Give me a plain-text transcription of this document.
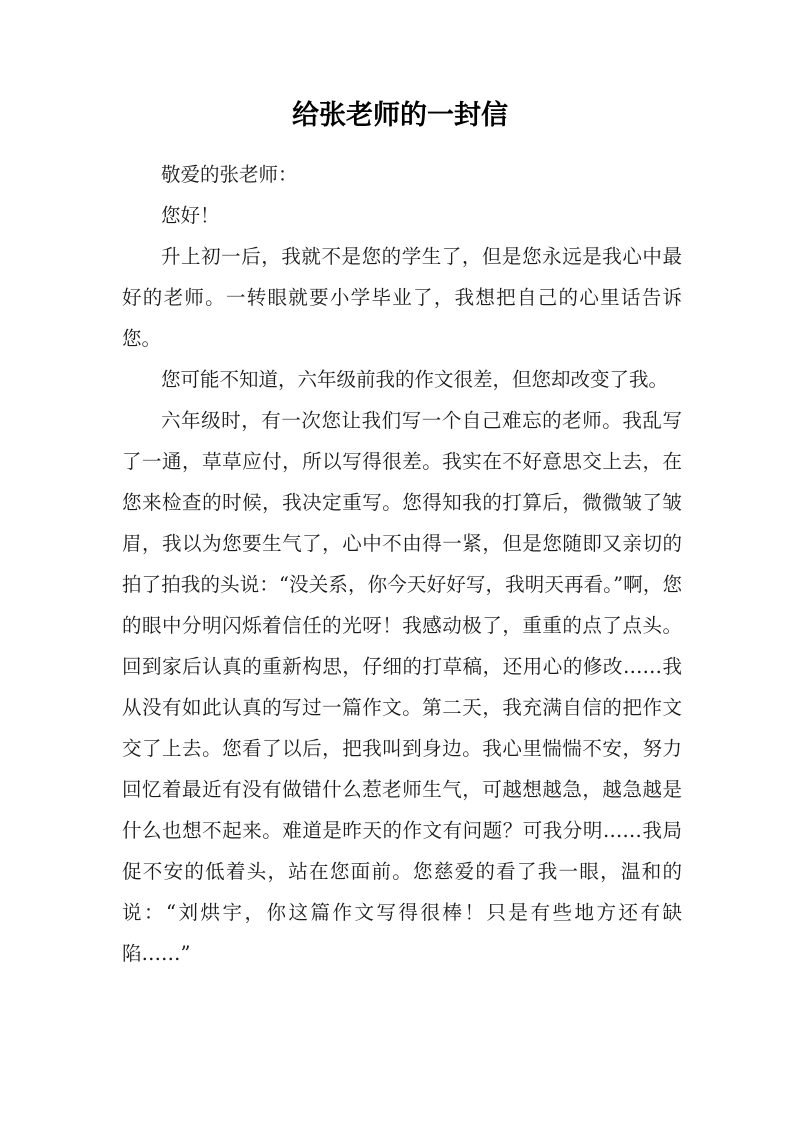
给张老师的一封信

敬爱的张老师：

您好！

升上初一后，我就不是您的学生了，但是您永远是我心中最好的老师。一转眼就要小学毕业了，我想把自己的心里话告诉您。

您可能不知道，六年级前我的作文很差，但您却改变了我。

六年级时，有一次您让我们写一个自己难忘的老师。我乱写了一通，草草应付，所以写得很差。我实在不好意思交上去，在您来检查的时候，我决定重写。您得知我的打算后，微微皱了皱眉，我以为您要生气了，心中不由得一紧，但是您随即又亲切的拍了拍我的头说：“没关系，你今天好好写，我明天再看。”啊，您的眼中分明闪烁着信任的光呀！我感动极了，重重的点了点头。回到家后认真的重新构思，仔细的打草稿，还用心的修改……我从没有如此认真的写过一篇作文。第二天，我充满自信的把作文交了上去。您看了以后，把我叫到身边。我心里惴惴不安，努力回忆着最近有没有做错什么惹老师生气，可越想越急，越急越是什么也想不起来。难道是昨天的作文有问题？可我分明……我局促不安的低着头，站在您面前。您慈爱的看了我一眼，温和的说：“刘烘宇，你这篇作文写得很棒！只是有些地方还有缺陷……”
